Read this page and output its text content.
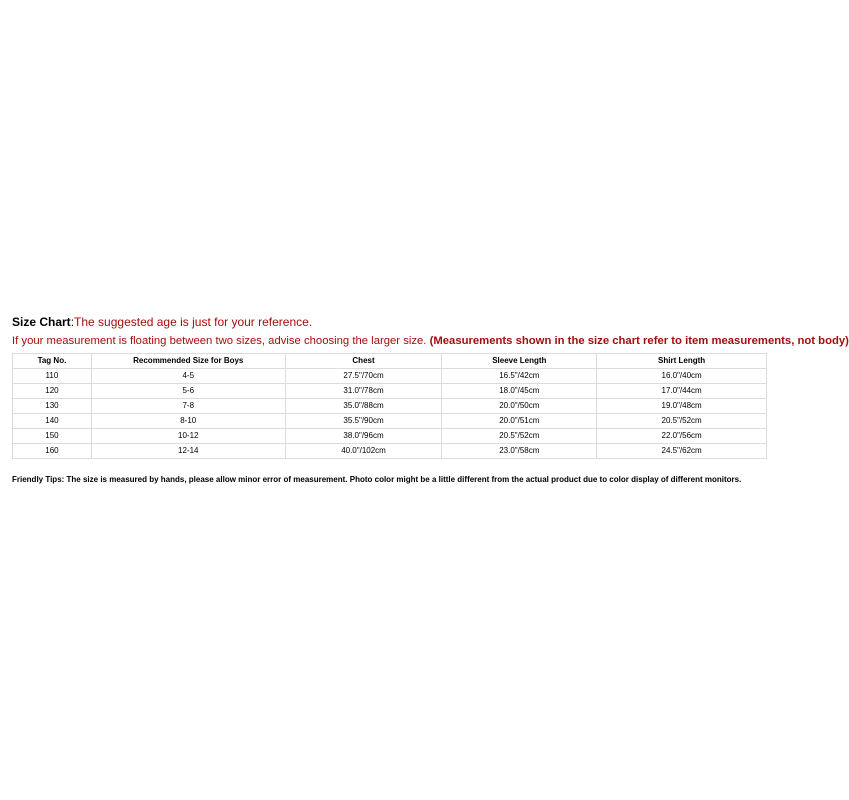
Size Chart:The suggested age is just for your reference.
If your measurement is floating between two sizes, advise choosing the larger size. (Measurements shown in the size chart refer to item measurements, not body)
Tag No.	Recommended Size for Boys	Chest	Sleeve Length	Shirt Length
110	4-5	27.5"/70cm	16.5"/42cm	16.0"/40cm
120	5-6	31.0"/78cm	18.0"/45cm	17.0"/44cm
130	7-8	35.0"/88cm	20.0"/50cm	19.0"/48cm
140	8-10	35.5"/90cm	20.0"/51cm	20.5"/52cm
150	10-12	38.0"/96cm	20.5"/52cm	22.0"/56cm
160	12-14	40.0"/102cm	23.0"/58cm	24.5"/62cm
Friendly Tips: The size is measured by hands, please allow minor error of measurement. Photo color might be a little different from the actual product due to color display of different monitors.
